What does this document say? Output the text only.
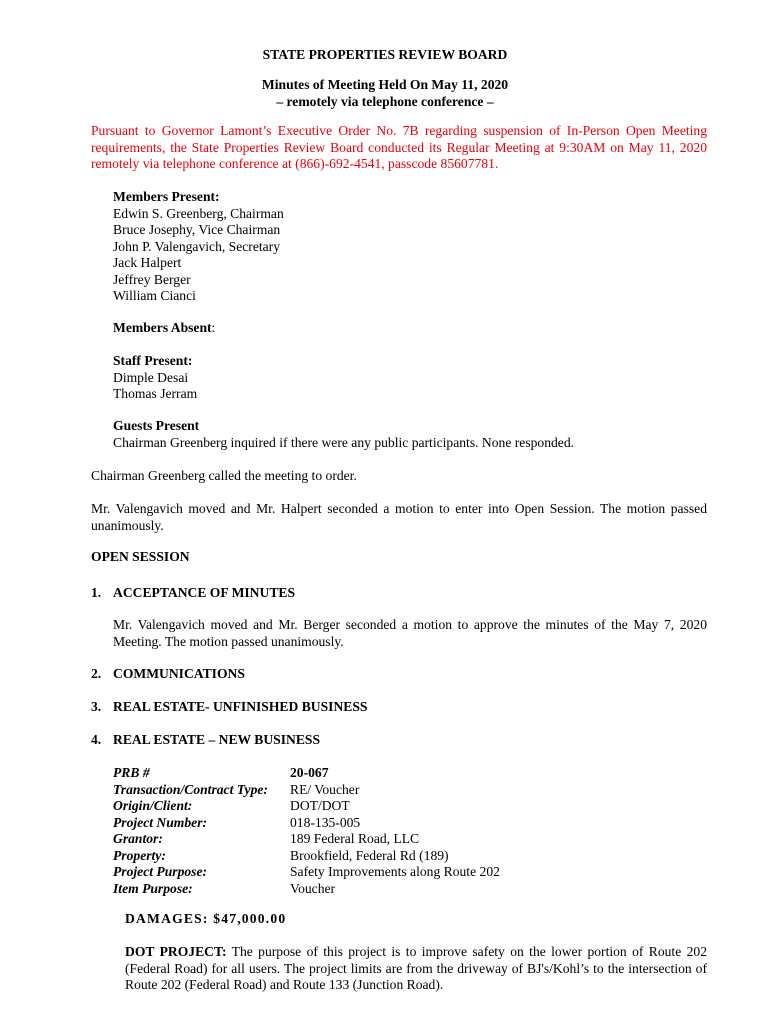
STATE PROPERTIES REVIEW BOARD
Minutes of Meeting Held On May 11, 2020
– remotely via telephone conference –
Pursuant to Governor Lamont’s Executive Order No. 7B regarding suspension of In-Person Open Meeting requirements, the State Properties Review Board conducted its Regular Meeting at 9:30AM on May 11, 2020 remotely via telephone conference at (866)-692-4541, passcode 85607781.
Members Present:
Edwin S. Greenberg, Chairman
Bruce Josephy, Vice Chairman
John P. Valengavich, Secretary
Jack Halpert
Jeffrey Berger
William Cianci
Members Absent:
Staff Present:
Dimple Desai
Thomas Jerram
Guests Present
Chairman Greenberg inquired if there were any public participants. None responded.
Chairman Greenberg called the meeting to order.
Mr. Valengavich moved and Mr. Halpert seconded a motion to enter into Open Session. The motion passed unanimously.
OPEN SESSION
1. ACCEPTANCE OF MINUTES
Mr. Valengavich moved and Mr. Berger seconded a motion to approve the minutes of the May 7, 2020 Meeting. The motion passed unanimously.
2. COMMUNICATIONS
3. REAL ESTATE- UNFINISHED BUSINESS
4. REAL ESTATE – NEW BUSINESS
PRB #
Transaction/Contract Type:
Origin/Client:
Project Number:
Grantor:
Property:
Project Purpose:
Item Purpose:
20-067
RE/ Voucher
DOT/DOT
018-135-005
189 Federal Road, LLC
Brookfield, Federal Rd (189)
Safety Improvements along Route 202
Voucher
DAMAGES: $47,000.00
DOT PROJECT: The purpose of this project is to improve safety on the lower portion of Route 202 (Federal Road) for all users. The project limits are from the driveway of BJ's/Kohl’s to the intersection of Route 202 (Federal Road) and Route 133 (Junction Road).
